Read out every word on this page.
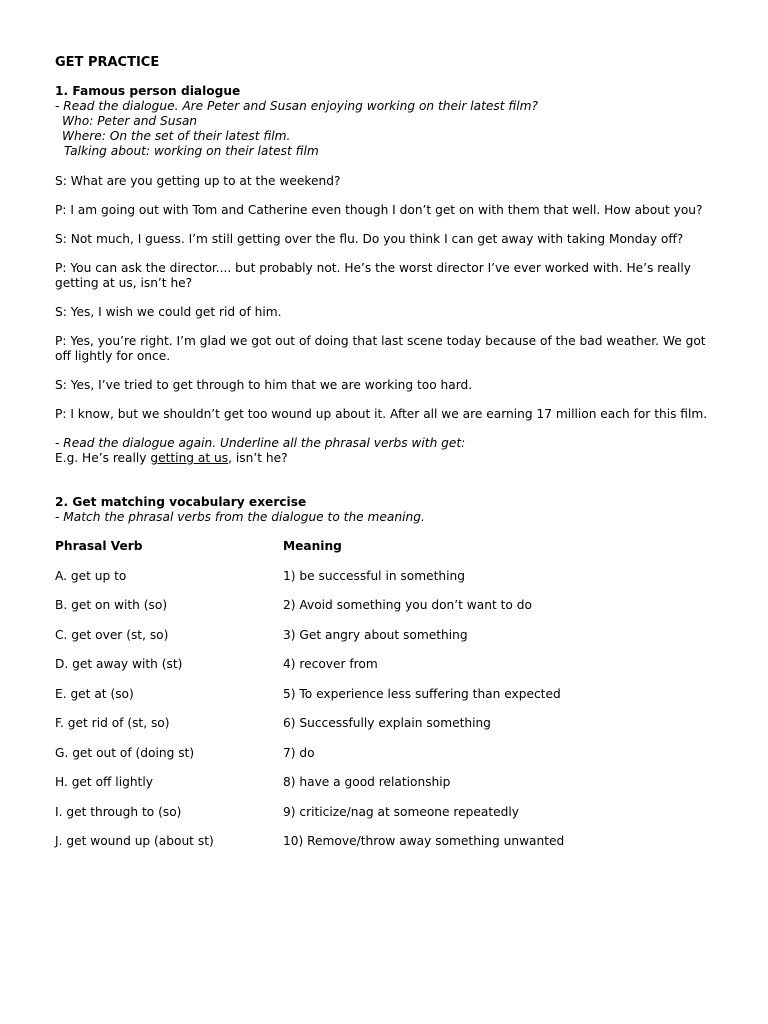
GET PRACTICE
1. Famous person dialogue
- Read the dialogue. Are Peter and Susan enjoying working on their latest film?
Who: Peter and Susan
Where: On the set of their latest film.
Talking about: working on their latest film

S: What are you getting up to at the weekend?

P: I am going out with Tom and Catherine even though I don’t get on with them that well. How about you?

S: Not much, I guess. I’m still getting over the flu. Do you think I can get away with taking Monday off?

P: You can ask the director.... but probably not. He’s the worst director I’ve ever worked with. He’s really getting at us, isn’t he?

S: Yes, I wish we could get rid of him.

P: Yes, you’re right. I’m glad we got out of doing that last scene today because of the bad weather. We got off lightly for once.

S: Yes, I’ve tried to get through to him that we are working too hard.

P: I know, but we shouldn’t get too wound up about it. After all we are earning 17 million each for this film.

- Read the dialogue again. Underline all the phrasal verbs with get:
E.g. He’s really getting at us, isn’t he?
2. Get matching vocabulary exercise
- Match the phrasal verbs from the dialogue to the meaning.
Phrasal Verb	Meaning
A. get up to	1) be successful in something
B. get on with (so)	2) Avoid something you don’t want to do
C. get over (st, so)	3) Get angry about something
D. get away with (st)	4) recover from
E. get at (so)	5) To experience less suffering than expected
F. get rid of (st, so)	6) Successfully explain something
G. get out of (doing st)	7) do
H. get off lightly	8) have a good relationship
I. get through to (so)	9) criticize/nag at someone repeatedly
J. get wound up (about st)	10) Remove/throw away something unwanted
